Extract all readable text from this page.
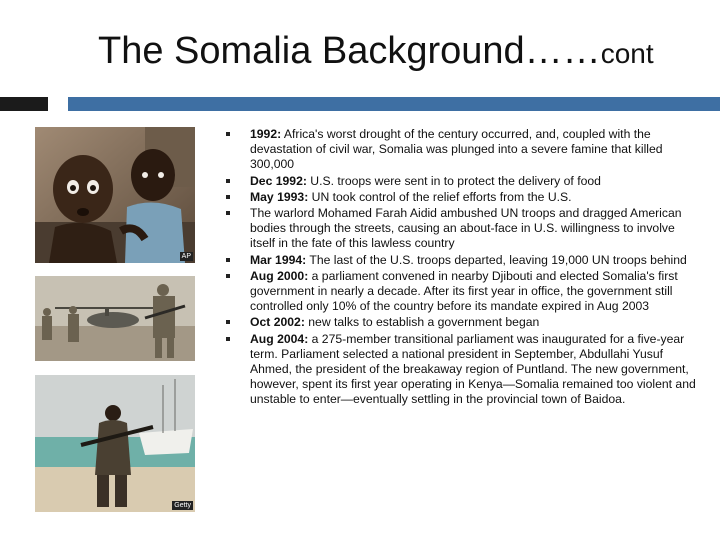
The Somalia Background……cont
AP
Getty
1992: Africa's worst drought of the century occurred, and, coupled with the devastation of civil war, Somalia was plunged into a severe famine that killed 300,000
Dec 1992: U.S. troops were sent in to protect the delivery of food
May 1993: UN took control of the relief efforts from the U.S.
The warlord Mohamed Farah Aidid ambushed UN troops and dragged American bodies through the streets, causing an about-face in U.S. willingness to involve itself in the fate of this lawless country
Mar 1994: The last of the U.S. troops departed, leaving 19,000 UN troops behind
Aug 2000: a parliament convened in nearby Djibouti and elected Somalia's first government in nearly a decade. After its first year in office, the government still controlled only 10% of the country before its mandate expired in Aug 2003
Oct 2002: new talks to establish a government began
Aug 2004: a 275-member transitional parliament was inaugurated for a five-year term. Parliament selected a national president in September, Abdullahi Yusuf Ahmed, the president of the breakaway region of Puntland. The new government, however, spent its first year operating in Kenya—Somalia remained too violent and unstable to enter—eventually settling in the provincial town of Baidoa.
